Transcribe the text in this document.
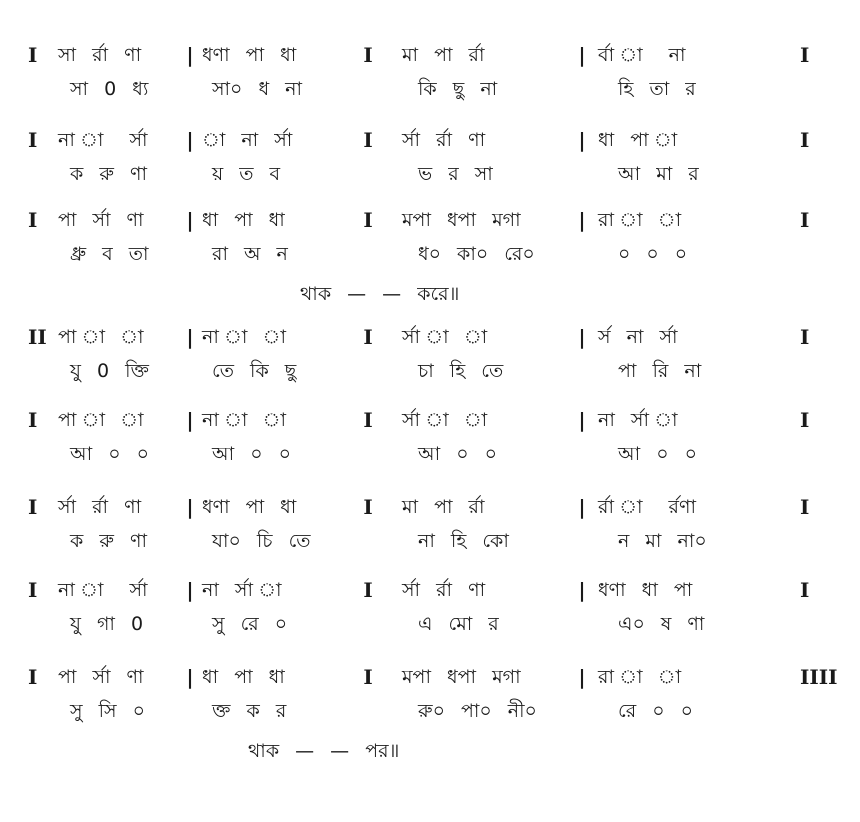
I সা র্রা ণা	ধণা পা ধা	মা পা র্রা	র্বা া না
|	I	|	I
সা 0 ধ্য	সা০ ধ না	কি ছু না	হি তা র
I না া র্সা	া না র্সা	র্সা র্রা ণা	ধা পা া
|	I	|	I
ক রু ণা	য় ত ব	ভ র সা	আ মা র
I পা র্সা ণা	ধা পা ধা	মপা ধপা মগা	রা া া
|	I	|	I
ধ্রু ব তা	রা অ ন	ধ০ কা০ রে০	০ ০ ০
থাক — — করে॥
II পা া া	না া া	র্সা া া	র্স না র্সা
|	I	|	I
যু 0 ক্তি	তে কি ছু	চা হি তে	পা রি না
I পা া া	না া া	র্সা া া	না র্সা া
|	I	|	I
আ ০ ০	আ ০ ০	আ ০ ০	আ ০ ০
I র্সা র্রা ণা	ধণা পা ধা	মা পা র্রা	র্রা া র্রণা
|	I	|	I
ক রু ণা	যা০ চি তে	না হি কো	ন মা না০
I না া র্সা	না র্সা া	র্সা র্রা ণা	ধণা ধা পা
|	I	|	I
যু গা 0	সু রে ০	এ মো র	এ০ ষ ণা
I পা র্সা ণা	ধা পা ধা	মপা ধপা মগা	রা া া
|	I	|	IIII
সু সি ০	ক্ত ক র	রু০ পা০ নী০	রে ০ ০
থাক — — পর॥
